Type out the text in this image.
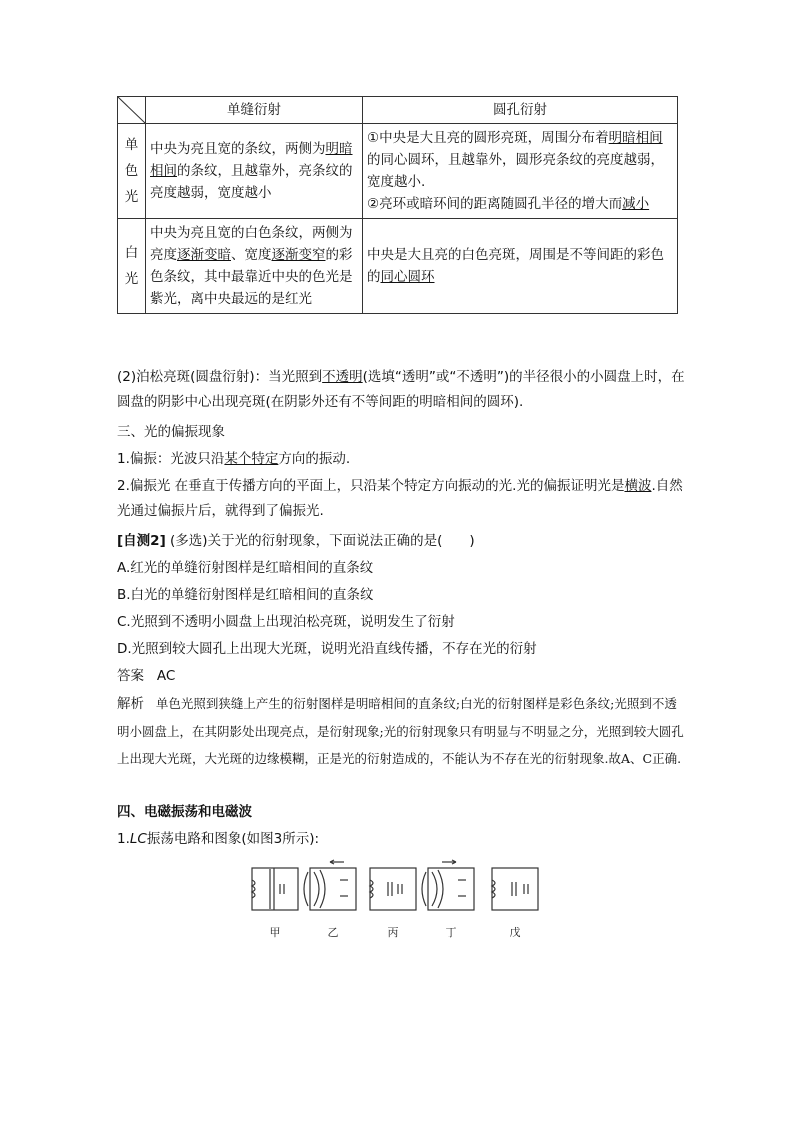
	单缝衍射	圆孔衍射

单
色
光	中央为亮且宽的条纹，两侧为明暗相间的条纹，且越靠外，亮条纹的亮度越弱，宽度越小	①中央是大且亮的圆形亮斑，周围分布着明暗相间的同心圆环，且越靠外，圆形亮条纹的亮度越弱，宽度越小.
②亮环或暗环间的距离随圆孔半径的增大而减小

白
光	中央为亮且宽的白色条纹，两侧为亮度逐渐变暗、宽度逐渐变窄的彩色条纹，其中最靠近中央的色光是紫光，离中央最远的是红光	中央是大且亮的白色亮斑，周围是不等间距的彩色的同心圆环
(2)泊松亮斑(圆盘衍射)：当光照到不透明(选填“透明”或“不透明”)的半径很小的小圆盘上时，在圆盘的阴影中心出现亮斑(在阴影外还有不等间距的明暗相间的圆环).
三、光的偏振现象
1.偏振：光波只沿某个特定方向的振动.
2.偏振光 在垂直于传播方向的平面上，只沿某个特定方向振动的光.光的偏振证明光是横波.自然光通过偏振片后，就得到了偏振光.
[自测2] (多选)关于光的衍射现象，下面说法正确的是(　　)
A.红光的单缝衍射图样是红暗相间的直条纹
B.白光的单缝衍射图样是红暗相间的直条纹
C.光照到不透明小圆盘上出现泊松亮斑，说明发生了衍射
D.光照到较大圆孔上出现大光斑，说明光沿直线传播，不存在光的衍射
答案 AC
解析 单色光照到狭缝上产生的衍射图样是明暗相间的直条纹;白光的衍射图样是彩色条纹;光照到不透明小圆盘上，在其阴影处出现亮点，是衍射现象;光的衍射现象只有明显与不明显之分，光照到较大圆孔上出现大光斑，大光斑的边缘模糊，正是光的衍射造成的，不能认为不存在光的衍射现象.故A、C正确.
四、电磁振荡和电磁波
1.LC振荡电路和图象(如图3所示):
甲	乙	丙	丁	戊
